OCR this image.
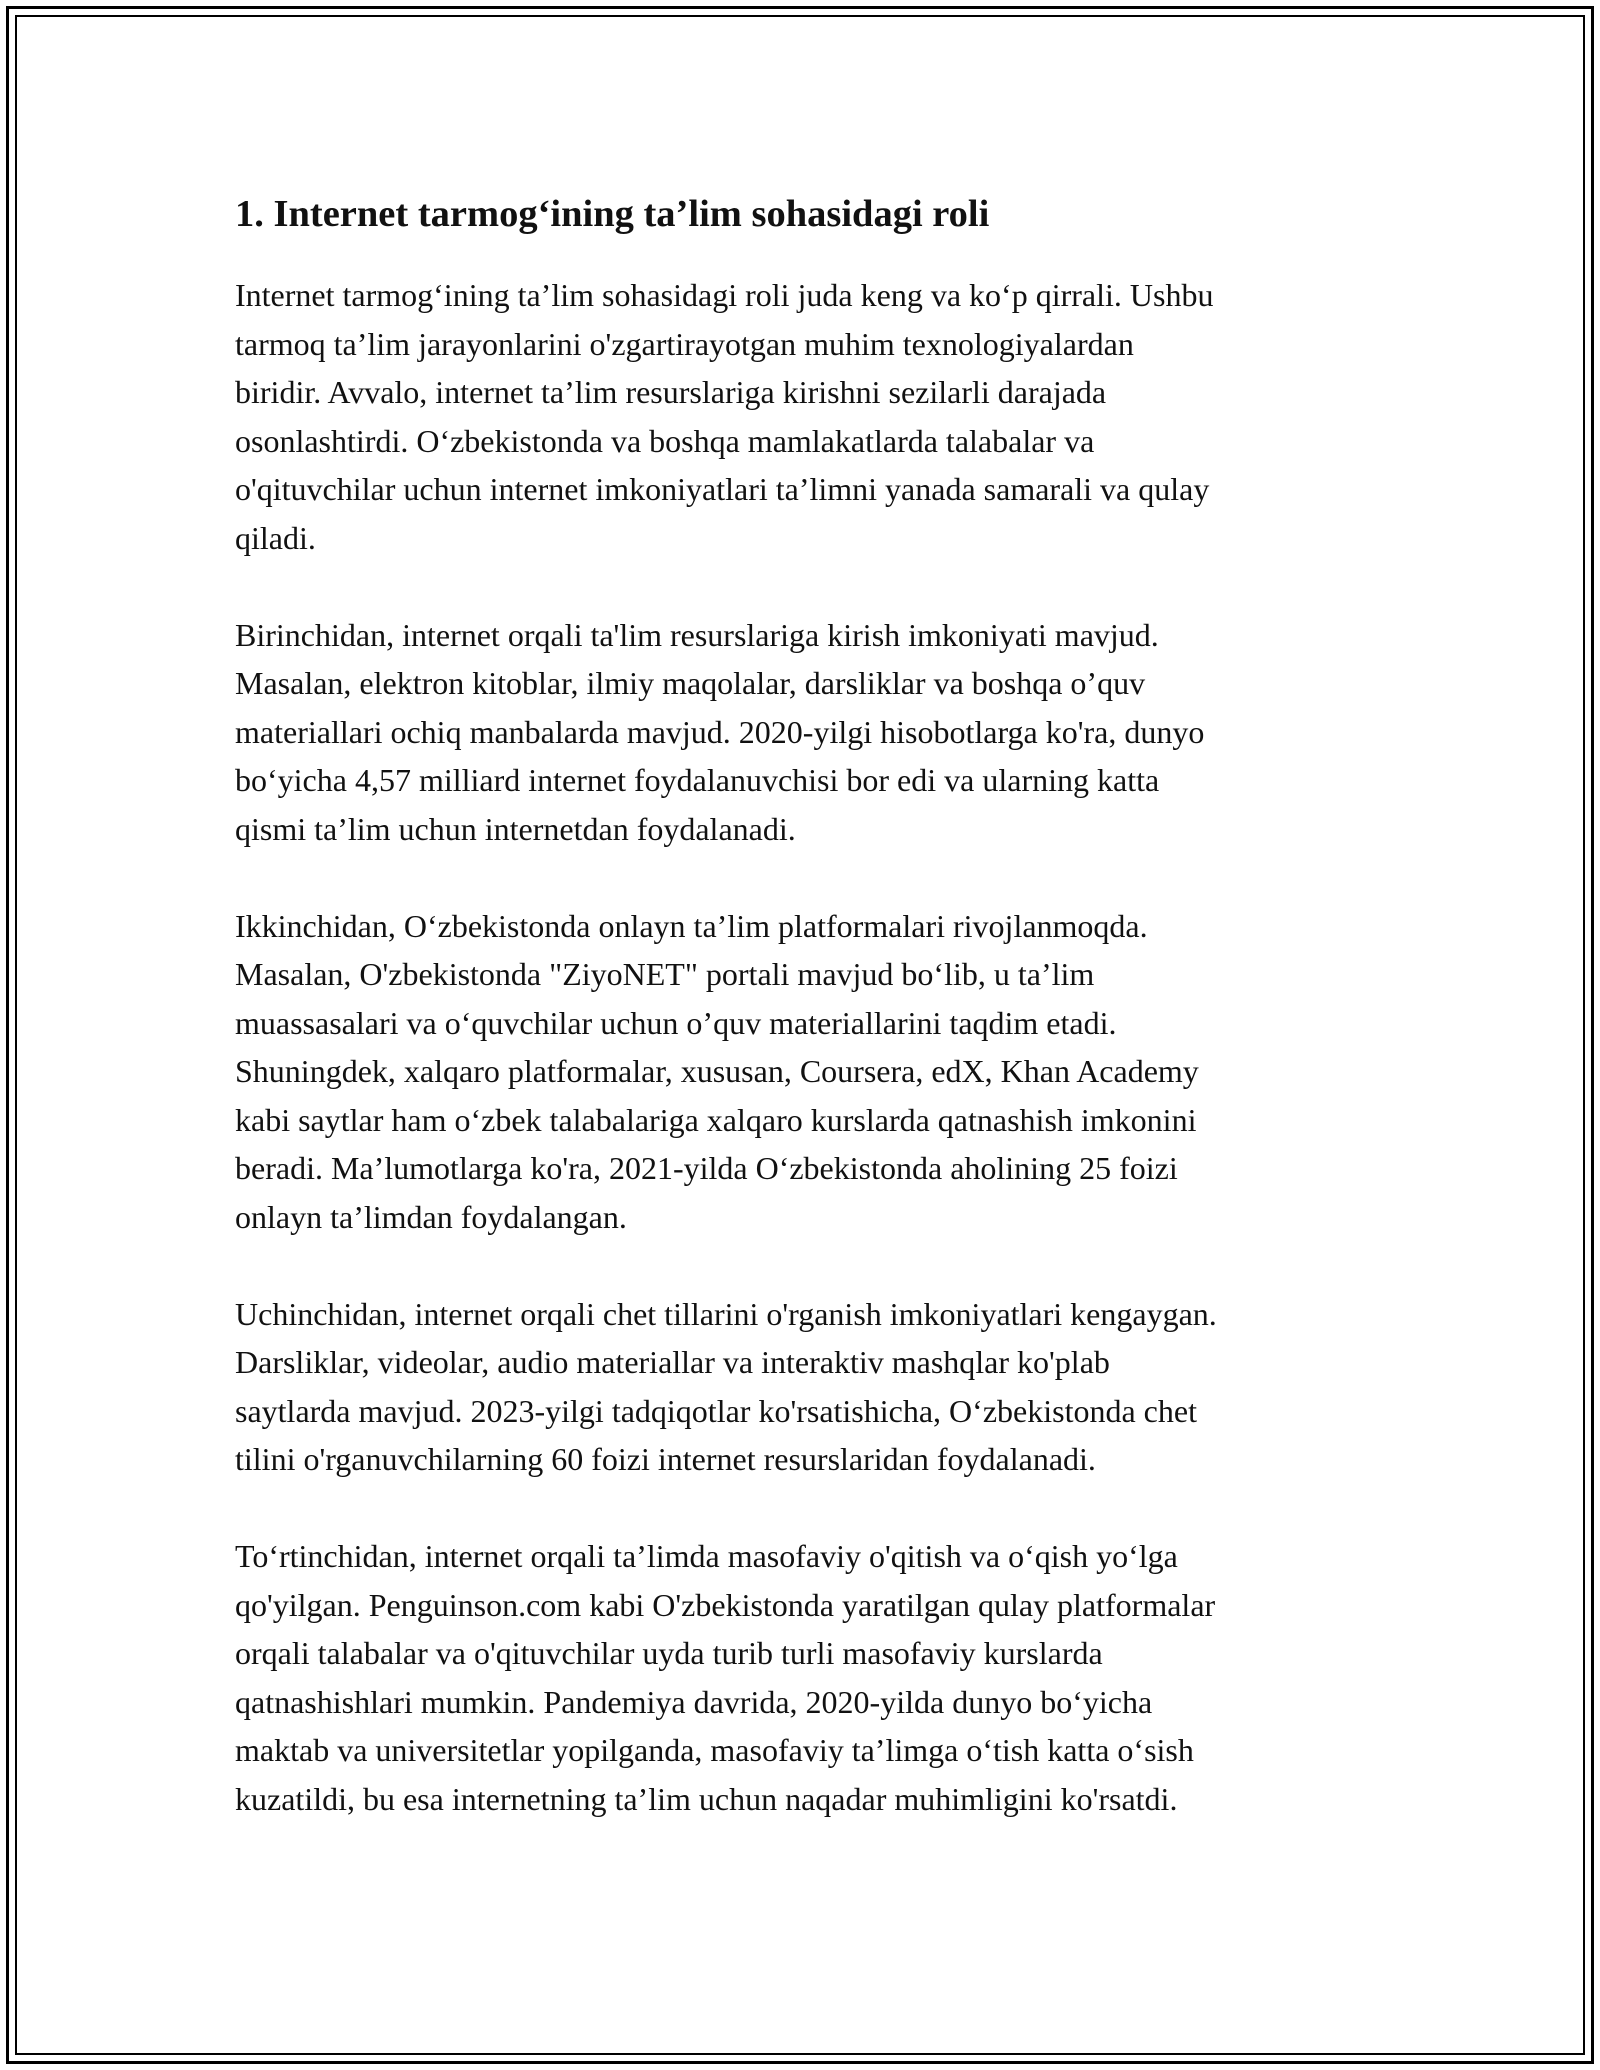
1. Internet tarmog‘ining ta’lim sohasidagi roli

Internet tarmog‘ining ta’lim sohasidagi roli juda keng va ko‘p qirrali. Ushbu
tarmoq ta’lim jarayonlarini o'zgartirayotgan muhim texnologiyalardan
biridir. Avvalo, internet ta’lim resurslariga kirishni sezilarli darajada
osonlashtirdi. O‘zbekistonda va boshqa mamlakatlarda talabalar va
o'qituvchilar uchun internet imkoniyatlari ta’limni yanada samarali va qulay
qiladi.

Birinchidan, internet orqali ta'lim resurslariga kirish imkoniyati mavjud.
Masalan, elektron kitoblar, ilmiy maqolalar, darsliklar va boshqa o’quv
materiallari ochiq manbalarda mavjud. 2020-yilgi hisobotlarga ko'ra, dunyo
bo‘yicha 4,57 milliard internet foydalanuvchisi bor edi va ularning katta
qismi ta’lim uchun internetdan foydalanadi.

Ikkinchidan, O‘zbekistonda onlayn ta’lim platformalari rivojlanmoqda.
Masalan, O'zbekistonda "ZiyoNET" portali mavjud bo‘lib, u ta’lim
muassasalari va o‘quvchilar uchun o’quv materiallarini taqdim etadi.
Shuningdek, xalqaro platformalar, xususan, Coursera, edX, Khan Academy
kabi saytlar ham o‘zbek talabalariga xalqaro kurslarda qatnashish imkonini
beradi. Ma’lumotlarga ko'ra, 2021-yilda O‘zbekistonda aholining 25 foizi
onlayn ta’limdan foydalangan.

Uchinchidan, internet orqali chet tillarini o'rganish imkoniyatlari kengaygan.
Darsliklar, videolar, audio materiallar va interaktiv mashqlar ko'plab
saytlarda mavjud. 2023-yilgi tadqiqotlar ko'rsatishicha, O‘zbekistonda chet
tilini o'rganuvchilarning 60 foizi internet resurslaridan foydalanadi.

To‘rtinchidan, internet orqali ta’limda masofaviy o'qitish va o‘qish yo‘lga
qo'yilgan. Penguinson.com kabi O'zbekistonda yaratilgan qulay platformalar
orqali talabalar va o'qituvchilar uyda turib turli masofaviy kurslarda
qatnashishlari mumkin. Pandemiya davrida, 2020-yilda dunyo bo‘yicha
maktab va universitetlar yopilganda, masofaviy ta’limga o‘tish katta o‘sish
kuzatildi, bu esa internetning ta’lim uchun naqadar muhimligini ko'rsatdi.
